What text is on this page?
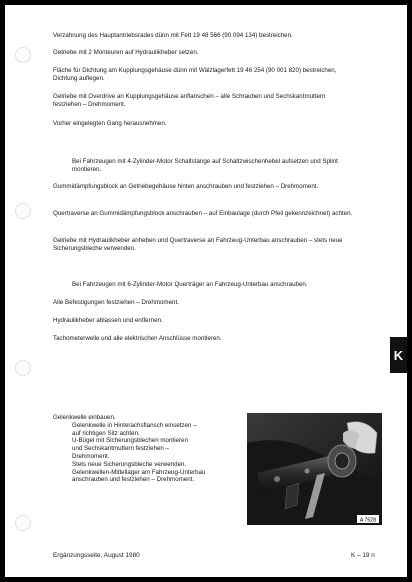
Verzahnung des Hauptantriebsrades dünn mit Fett 19 48 566 (90 094 134) bestreichen.
Getriebe mit 2 Monteuren auf Hydraulikheber setzen.
Fläche für Dichtung am Kupplungsgehäuse dünn mit Wälzlagerfett 19 46 254 (90 001 820) bestreichen, Dichtung auflegen.
Getriebe mit Overdrive an Kupplungsgehäuse anflanschen – alle Schrauben und Sechskantmuttern festziehen – Drehmoment.
Vorher eingelegten Gang herausnehmen.
Bei Fahrzeugen mit 4-Zylinder-Motor Schaltstange auf Schaltzwischenhebel aufsetzen und Splint montieren.
Gummidämpfungsblock an Getriebegehäuse hinten anschrauben und festziehen – Drehmoment.
Quertraverse an Gummidämpfungsblock anschrauben – auf Einbaulage (durch Pfeil gekennzeichnet) achten.
Getriebe mit Hydraulikheber anheben und Quertraverse an Fahrzeug-Unterbau anschrauben – stets neue Sicherungsbleche verwenden.
Bei Fahrzeugen mit 6-Zylinder-Motor Querträger an Fahrzeug-Unterbau anschrauben.
Alle Befestigungen festziehen – Drehmoment.
Hydraulikheber ablassen und entfernen.
Tachometerwelle und alle elektrischen Anschlüsse montieren.
K
Gelenkwelle einbauen.
Gelenkwelle in Hinterachsflansch einsetzen –
auf richtigen Sitz achten.
U-Bügel mit Sicherungsblechen montieren
und Sechskantmuttern festziehen –
Drehmoment.
Stets neue Sicherungsbleche verwenden.
Gelenkwellen-Mittellager am Fahrzeug-Unterbau
anschrauben und festziehen – Drehmoment.
A 7528
Ergänzungsseite, August 1980	K – 19 n
